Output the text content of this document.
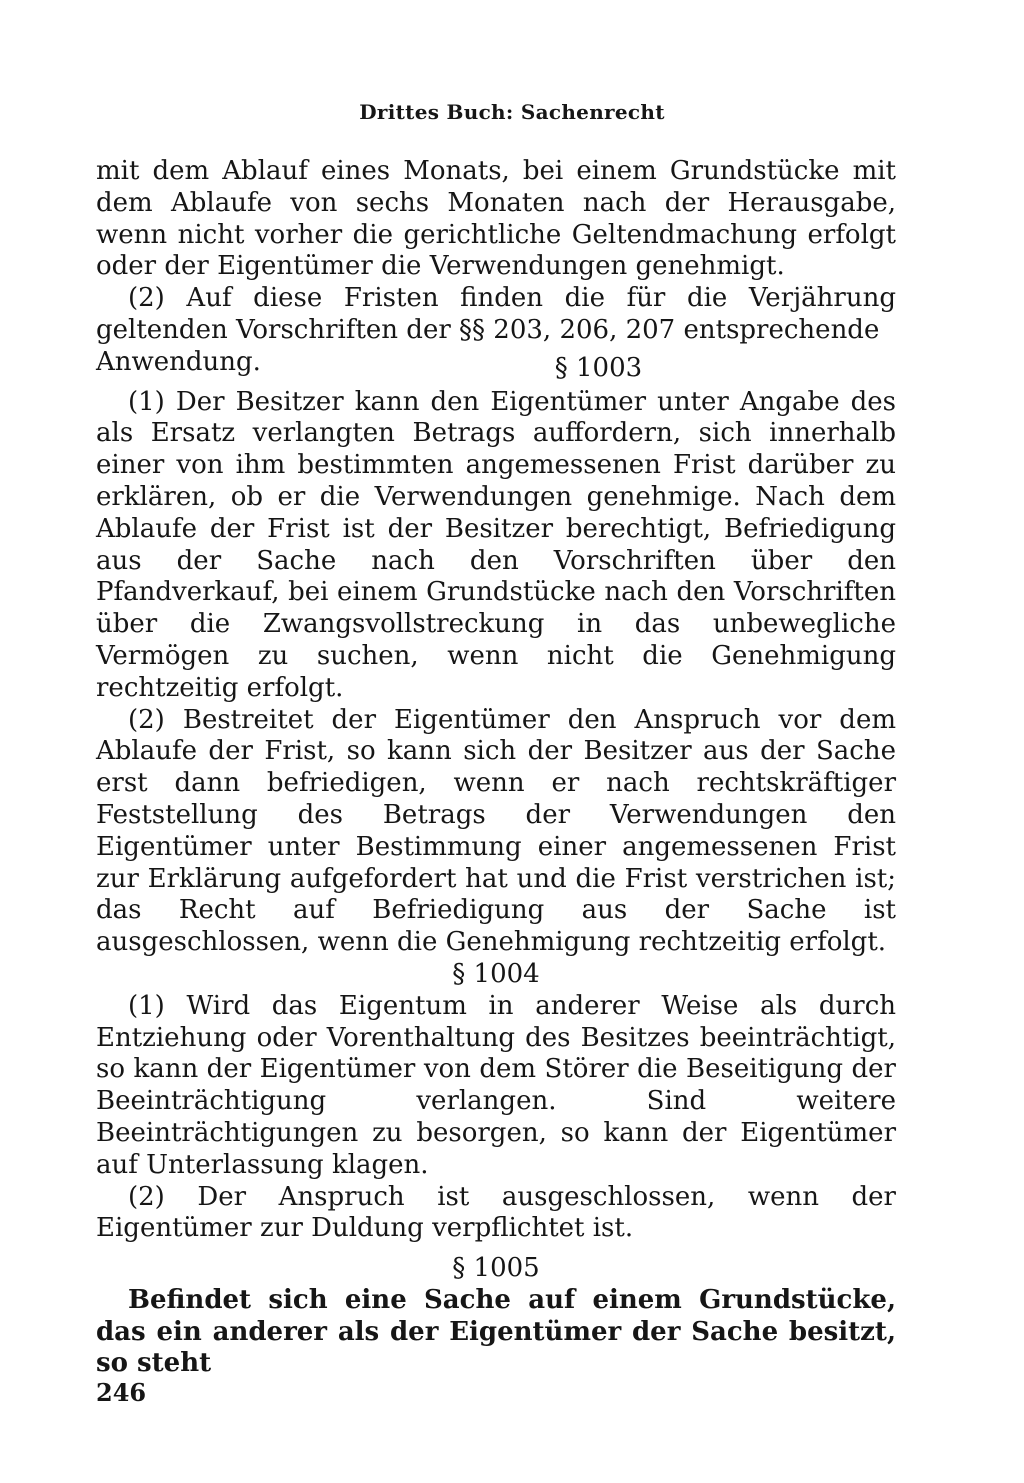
Drittes Buch: Sachenrecht

mit dem Ablauf eines Monats, bei einem Grundstücke mit dem Ablaufe von sechs Monaten nach der Herausgabe, wenn nicht vorher die gerichtliche Geltendmachung erfolgt oder der Eigentümer die Verwendungen genehmigt.

(2) Auf diese Fristen finden die für die Verjährung geltenden Vorschriften der §§ 203, 206, 207 entsprechende

Anwendung.	§ 1003

(1) Der Besitzer kann den Eigentümer unter Angabe des als Ersatz verlangten Betrags auffordern, sich innerhalb einer von ihm bestimmten angemessenen Frist darüber zu erklären, ob er die Verwendungen genehmige. Nach dem Ablaufe der Frist ist der Besitzer berechtigt, Befriedigung aus der Sache nach den Vorschriften über den Pfandverkauf, bei einem Grundstücke nach den Vorschriften über die Zwangsvollstreckung in das unbewegliche Vermögen zu suchen, wenn nicht die Genehmigung rechtzeitig erfolgt.

(2) Bestreitet der Eigentümer den Anspruch vor dem Ablaufe der Frist, so kann sich der Besitzer aus der Sache erst dann befriedigen, wenn er nach rechtskräftiger Feststellung des Betrags der Verwendungen den Eigentümer unter Bestimmung einer angemessenen Frist zur Erklärung aufgefordert hat und die Frist verstrichen ist; das Recht auf Befriedigung aus der Sache ist ausgeschlossen, wenn die Genehmigung rechtzeitig erfolgt.

§ 1004

(1) Wird das Eigentum in anderer Weise als durch Entziehung oder Vorenthaltung des Besitzes beeinträchtigt, so kann der Eigentümer von dem Störer die Beseitigung der Beeinträchtigung verlangen. Sind weitere Beeinträchtigungen zu besorgen, so kann der Eigentümer auf Unterlassung klagen.

(2) Der Anspruch ist ausgeschlossen, wenn der Eigentümer zur Duldung verpflichtet ist.

§ 1005

Befindet sich eine Sache auf einem Grundstücke, das ein anderer als der Eigentümer der Sache besitzt, so steht

246
